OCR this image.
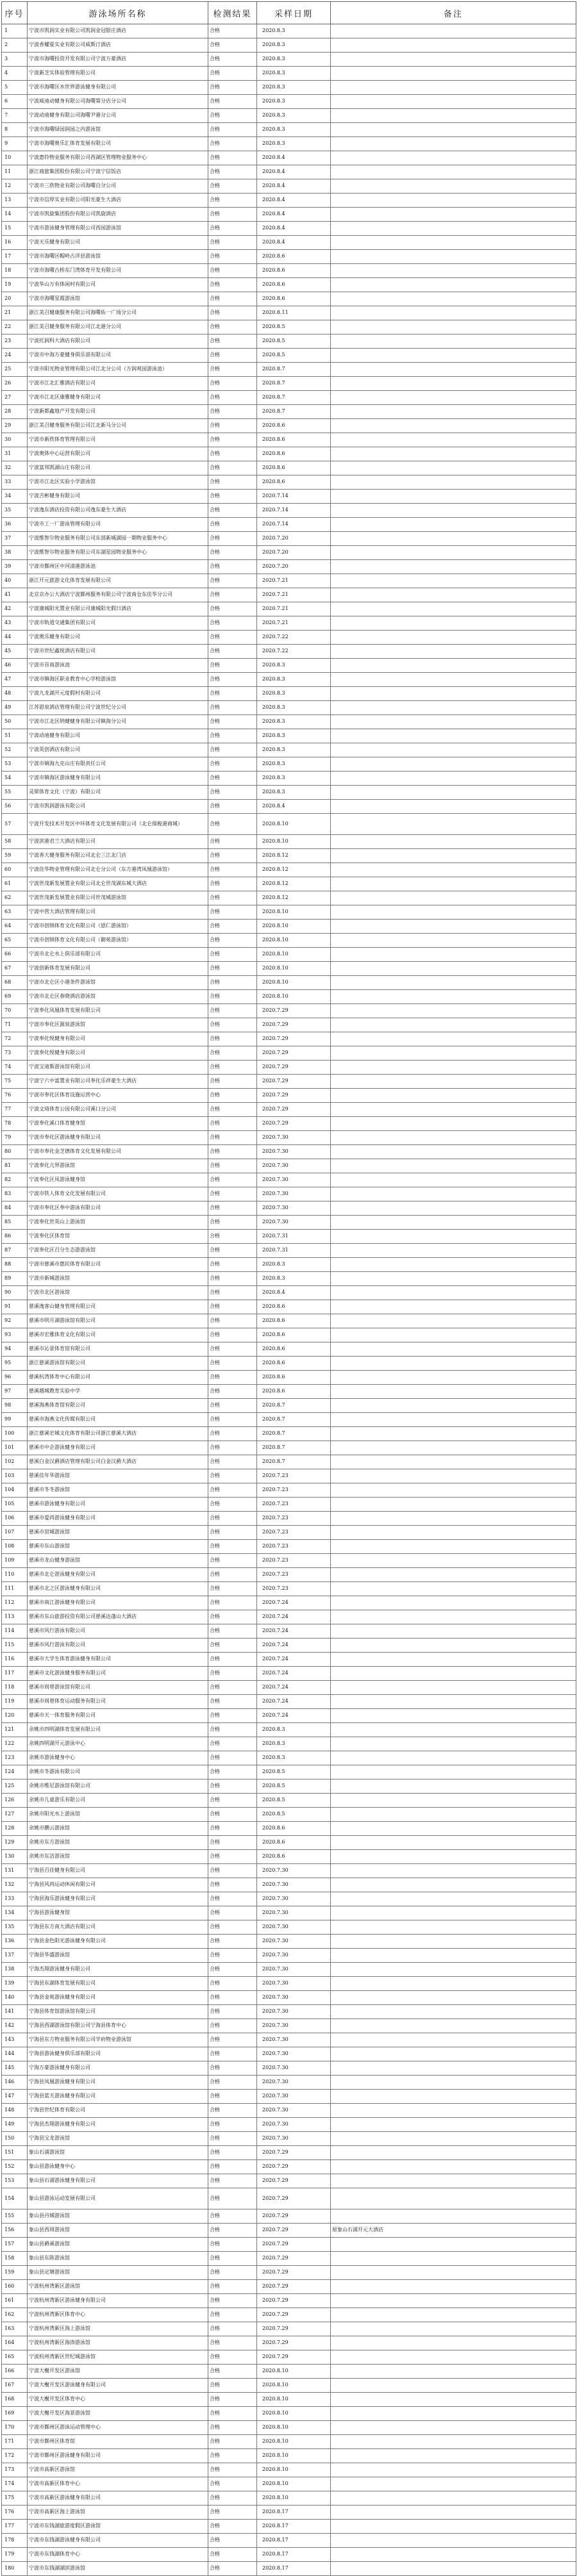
序号	游泳场所名称	检测结果	采样日期	备注
1	宁波市凯润实业有限公司凯润金冠银庄酒店	合格	2020.8.3	
2	宁波香耀夏实业有限公司威斯汀酒店	合格	2020.8.3	
3	宁波市海曙投资开发有限公司宁波万豪酒店	合格	2020.8.3	
4	宁波新芝实体验管理有限公司	合格	2020.8.3	
5	宁波市海曙区水世界游泳健身有限公司	合格	2020.8.3	
6	宁波威迪动健身有限公司海曙第分店分公司	合格	2020.8.3	
7	宁波动迪健身有限公司海曙尹港分公司	合格	2020.8.3	
8	宁波市海曙绿园润园之内游泳馆	合格	2020.8.3	
9	宁波市海曙奥乐汇体育发展有限公司	合格	2020.8.3	
10	宁波惠铃物业服务有限公司西湖区管理物业服务中心	合格	2020.8.4	
11	浙江商旅集团股份有限公司宁波宁信饭店	合格	2020.8.4	
12	宁波市三欣物业有限公司海曙自分公司	合格	2020.8.4	
13	宁波市信厚实业有限公司阳光豪生大酒店	合格	2020.8.4	
14	宁波市凯旋集团股份有限公司凯旋酒店	合格	2020.8.4	
15	宁波市游泳健身管理有限公司西园游泳馆	合格	2020.8.4	
16	宁波天乐健身有限公司	合格	2020.8.4	
17	宁波市海曙区帽岭古洋县游泳馆	合格	2020.8.6	
18	宁波市海曙古桥东门湾体育开发有限公司	合格	2020.8.6	
19	宁波华山万有体闲村有限公司	合格	2020.8.6	
20	宁波市海曙星霞游泳馆	合格	2020.8.6	
21	浙江美召健康服务有限公司海曙佑一广场分公司	合格	2020.8.11	
22	浙江美召健身服务有限公司江北港分公司	合格	2020.8.5	
23	宁波托润科大酒店有限公司	合格	2020.8.5	
24	宁波市中海万豪健身俱乐部有限公司	合格	2020.8.5	
25	宁波市阳光物业管理有限公司江北分公司（万润观园游泳池）	合格	2020.8.7	
26	宁波市江北汇雅酒店有限公司	合格	2020.8.7	
27	宁波市江北区康雅健身有限公司	合格	2020.8.7	
28	宁波新都鑫地产开发有限公司	合格	2020.8.7	
29	浙江美召健身服务有限公司江北新马分公司	合格	2020.8.6	
30	宁波市新欣体育管理有限公司	合格	2020.8.6	
31	宁波奥体中心运营有限公司	合格	2020.8.6	
32	宁波富邦凯湖山庄有限公司	合格	2020.8.6	
33	宁波市江北区实验小学游泳馆	合格	2020.8.6	
34	宁波吉彬健身有限公司	合格	2020.7.14	
35	宁波逸东酒店投资有限公司逸东豪生大酒店	合格	2020.7.14	
36	宁波市工一厂游泳管理有限公司	合格	2020.7.14	
37	宁波维智尔物业服务有限公司东部新城湖园一期物业服务中心	合格	2020.7.20	
38	宁波维智尔物业服务有限公司东湖星园物业服务中心	合格	2020.7.20	
39	宁波市鄞州区中河清港游泳池	合格	2020.7.20	
40	浙江开元旅游文化体育发展有限公司	合格	2020.7.21	
41	北京京办公大酒店宁波鄞州服务有限公司宁波南仓东佳华分公司	合格	2020.7.21	
42	宁波康城阳光置业有限公司康城阳光假日酒店	合格	2020.7.21	
43	宁波市轨道交通集团有限公司	合格	2020.7.21	
44	宁波奥乐健身有限公司	合格	2020.7.22	
45	宁波市世纪鑫锐酒店有限公司	合格	2020.7.22	
46	宁波市首南游泳池	合格	2020.8.3	
47	宁波市镇海区职业教育中心学校游泳馆	合格	2020.8.3	
48	宁波九龙湖开元度假村有限公司	合格	2020.8.3	
49	江苏恩泉酒店管理有限公司宁波世纪分公司	合格	2020.8.3	
50	宁波市江北区纳健健身有限公司镇海分公司	合格	2020.8.3	
51	宁波动迪健身有限公司	合格	2020.8.3	
52	宁波英创酒店有限公司	合格	2020.8.3	
53	宁波市镇海九克山庄有限责任公司	合格	2020.8.3	
54	宁波市镇海区游泳健身有限公司	合格	2020.8.3	
55	灵犀体育文化（宁波）有限公司	合格	2020.8.3	
56	宁波市凯润游泳有限公司	合格	2020.8.4	
57	宁波开发技术开发区中环体育文化发展有限公司（北仑保税港商城）	合格	2020.8.10	
58	宁波滨港君兰大酒店有限公司	合格	2020.8.10	
59	宁波香大健身服务有限公司北仑三江北门店	合格	2020.8.12	
60	宁波佳华物业管理有限公司北仑分公司（东方港湾凤凰游泳馆）	合格	2020.8.12	
61	宁波世茂新发展置业有限公司北仑世茂湖东城大酒店	合格	2020.8.12	
62	宁波世茂新发展置业有限公司世茂城游泳馆	合格	2020.8.12	
63	宁波中营大酒店管理有限公司	合格	2020.8.10	
64	宁波市创锦体育文化有限公司（恩仁游泳馆）	合格	2020.8.10	
65	宁波市创锦体育文化有限公司（御苑游泳馆）	合格	2020.8.10	
66	宁波市北仑水上俱乐部有限公司	合格	2020.8.10	
67	宁波创新体育发展有限公司	合格	2020.8.10	
68	宁波市北仑区小港条件游泳馆	合格	2020.8.10	
69	宁波市北仑区春晓酒店游泳馆	合格	2020.8.10	
70	宁波奉化凤凰体育发展有限公司	合格	2020.7.29	
71	宁波市奉化区源泉游泳馆	合格	2020.7.29	
72	宁波奉化悦健身有限公司	合格	2020.7.29	
73	宁波奉化悦健身有限公司	合格	2020.7.29	
74	宁波宝迪斯游泳馆有限公司	合格	2020.7.29	
75	宁波宁六中富置业有限公司奉化乐祥豪生大酒店	合格	2020.7.29	
76	宁波市奉化区体育设施运营中心	合格	2020.7.29	
77	宁波文琦体育公园有限公司溪口分公司	合格	2020.7.29	
78	宁波奉化溪口体育健身馆	合格	2020.7.29	
79	宁波市奉化区游泳健身有限公司	合格	2020.7.30	
80	宁波市奉化金芝德体育文化发展有限公司	合格	2020.7.30	
81	宁波奉化亢界游泳馆	合格	2020.7.30	
82	宁波奉化区凤游泳健身馆	合格	2020.7.30	
83	宁波市铁人体育文化发展有限公司	合格	2020.7.30	
84	宁波市奉化区奉中游泳有限公司	合格	2020.7.30	
85	宁波奉化世英山上游泳馆	合格	2020.7.30	
86	宁波奉化区体育馆	合格	2020.7.31	
87	宁波奉化区百分生态游游泳馆	合格	2020.7.31	
88	宁波市慈溪市惠民体育有限公司	合格	2020.8.3	
89	宁波市新城游泳馆	合格	2020.8.3	
90	宁波市北区游泳馆	合格	2020.8.4	
91	慈溪逸客山健身管理有限公司	合格	2020.8.6	
92	慈溪市明月湖游泳馆有限公司	合格	2020.8.6	
93	慈溪市宏雅体育文化有限公司	合格	2020.8.6	
94	慈溪市沁景体育馆有限公司	合格	2020.8.6	
95	浙江慈溪游泳馆有限公司	合格	2020.8.6	
96	慈溪杭湾体育中心有限公司	合格	2020.8.6	
97	慈溪越城教育实验中学	合格	2020.8.6	
98	慈溪海燕体育馆有限公司	合格	2020.8.7	
99	慈溪市海燕文化传媒有限公司	合格	2020.8.7	
100	浙江慈溪宏城文化体育有限公司浙江慈溪大酒店	合格	2020.8.7	
101	慈溪市中企游泳健身有限公司	合格	2020.8.7	
102	慈溪白金汉爵酒店管理有限公司白金汉爵大酒店	合格	2020.8.7	
103	慈溪佳年华游泳馆	合格	2020.7.23	
104	慈溪市冬冬游泳馆	合格	2020.7.23	
105	慈溪市游泳健身有限公司	合格	2020.7.23	
106	慈溪市爱尚游泳健身有限公司	合格	2020.7.23	
107	慈溪市窑城游泳馆	合格	2020.7.23	
108	慈溪市东山游泳馆	合格	2020.7.23	
109	慈溪市龙山健身游泳馆	合格	2020.7.23	
110	慈溪市北仑游泳健身有限公司	合格	2020.7.23	
111	慈溪市北之区游泳健身有限公司	合格	2020.7.23	
112	慈溪市南江游泳健身有限公司	合格	2020.7.24	
113	慈溪市东山旅游投资有限公司慈溪达蓬山大酒店	合格	2020.7.24	
114	慈溪市风行游泳有限公司	合格	2020.7.24	
115	慈溪市风行游泳有限公司	合格	2020.7.24	
116	慈溪市大学生体育游泳健身有限公司	合格	2020.7.24	
117	慈溪市文化游泳健身服务有限公司	合格	2020.7.24	
118	慈溪市周巷游泳馆有限公司	合格	2020.7.24	
119	慈溪市周巷体育运动服务有限公司	合格	2020.7.24	
120	慈溪市天一体育服务有限公司	合格	2020.7.24	
121	余姚市四明湖体育发展有限公司	合格	2020.8.3	
122	余姚四明湖开元游泳中心	合格	2020.8.3	
123	余姚市游泳健身中心	合格	2020.8.3	
124	余姚市冬游泳有限公司	合格	2020.8.5	
125	余姚市维尼游泳馆有限公司	合格	2020.8.5	
126	余姚市儿童游乐有限公司	合格	2020.8.5	
127	余姚市阳光水上游泳馆	合格	2020.8.5	
128	余姚市鹏云游泳馆	合格	2020.8.6	
129	余姚市东方游泳馆	合格	2020.8.6	
130	余姚市东洁游泳馆	合格	2020.8.6	
131	宁海县百佳健身有限公司	合格	2020.7.30	
132	宁海县风尚运动休闲有限公司	合格	2020.7.30	
133	宁海县海乐游泳健身有限公司	合格	2020.7.30	
134	宁海县游泳健身馆	合格	2020.7.30	
135	宁海县东方南大酒店有限公司	合格	2020.7.30	
136	宁海县金色阳光游泳健身有限公司	合格	2020.7.30	
137	宁海县华盛游泳馆	合格	2020.7.30	
138	宁海杰翔游泳健身有限公司	合格	2020.7.30	
139	宁海县东湖体育发展有限公司	合格	2020.7.30	
140	宁海县金苑游泳健身有限公司	合格	2020.7.30	
141	宁海县体育馆游泳馆有限公司	合格	2020.7.30	
142	宁海县西湖游泳馆有限公司宁海县体育中心	合格	2020.7.30	
143	宁海县东方物业服务有限公司学府物业游泳馆	合格	2020.7.30	
144	宁海县游泳健身俱乐部有限公司	合格	2020.7.30	
145	宁海万豪游泳健身有限公司	合格	2020.7.30	
146	宁海县凤凰游泳健身有限公司	合格	2020.7.30	
147	宁海县蓝天游泳健身有限公司	合格	2020.7.30	
148	宁海县世纪体育有限公司	合格	2020.7.30	
149	宁海县杰翔游泳健身有限公司	合格	2020.7.30	
150	宁海县宝龙游泳馆	合格	2020.7.30	
151	象山石浦游泳馆	合格	2020.7.29	
152	象山县游泳健身中心	合格	2020.7.29	
153	象山县石浦游泳健身有限公司	合格	2020.7.29	
154	象山县游泳运动发展有限公司	合格	2020.7.29	
155	象山县丹城游泳馆	合格	2020.7.29	
156	象山县西周游泳馆	合格	2020.7.29	原象山石浦开元大酒店
157	象山县爵溪游泳馆	合格	2020.7.29	
158	象山县东陈游泳馆	合格	2020.7.29	
159	象山县定塘游泳馆	合格	2020.7.29	
160	宁波杭州湾新区游泳馆	合格	2020.7.29	
161	宁波杭州湾新区游泳健身有限公司	合格	2020.7.29	
162	宁波杭州湾新区体育中心	合格	2020.7.29	
163	宁波杭州湾新区海上游泳馆	合格	2020.7.29	
164	宁波杭州湾新区海涛游泳馆	合格	2020.7.29	
165	宁波杭州湾新区世纪城游泳馆	合格	2020.7.29	
166	宁波大榭开发区游泳馆	合格	2020.8.10	
167	宁波大榭开发区游泳健身有限公司	合格	2020.8.10	
168	宁波大榭开发区体育中心	合格	2020.8.10	
169	宁波大榭开发区海景游泳馆	合格	2020.8.10	
170	宁波市鄞州区游泳运动管理中心	合格	2020.8.10	
171	宁波市鄞州区体育馆	合格	2020.8.10	
172	宁波市鄞州区游泳健身有限公司	合格	2020.8.10	
173	宁波市高新区游泳馆	合格	2020.8.10	
174	宁波市高新区体育中心	合格	2020.8.10	
175	宁波市高新区游泳健身有限公司	合格	2020.8.10	
176	宁波市高新区海上游泳馆	合格	2020.8.17	
177	宁波市东钱湖旅游度假区游泳馆	合格	2020.8.17	
178	宁波市东钱湖游泳健身有限公司	合格	2020.8.17	
179	宁波市东钱湖体育中心	合格	2020.8.17	
180	宁波市东钱湖湖滨游泳馆	合格	2020.8.17	
